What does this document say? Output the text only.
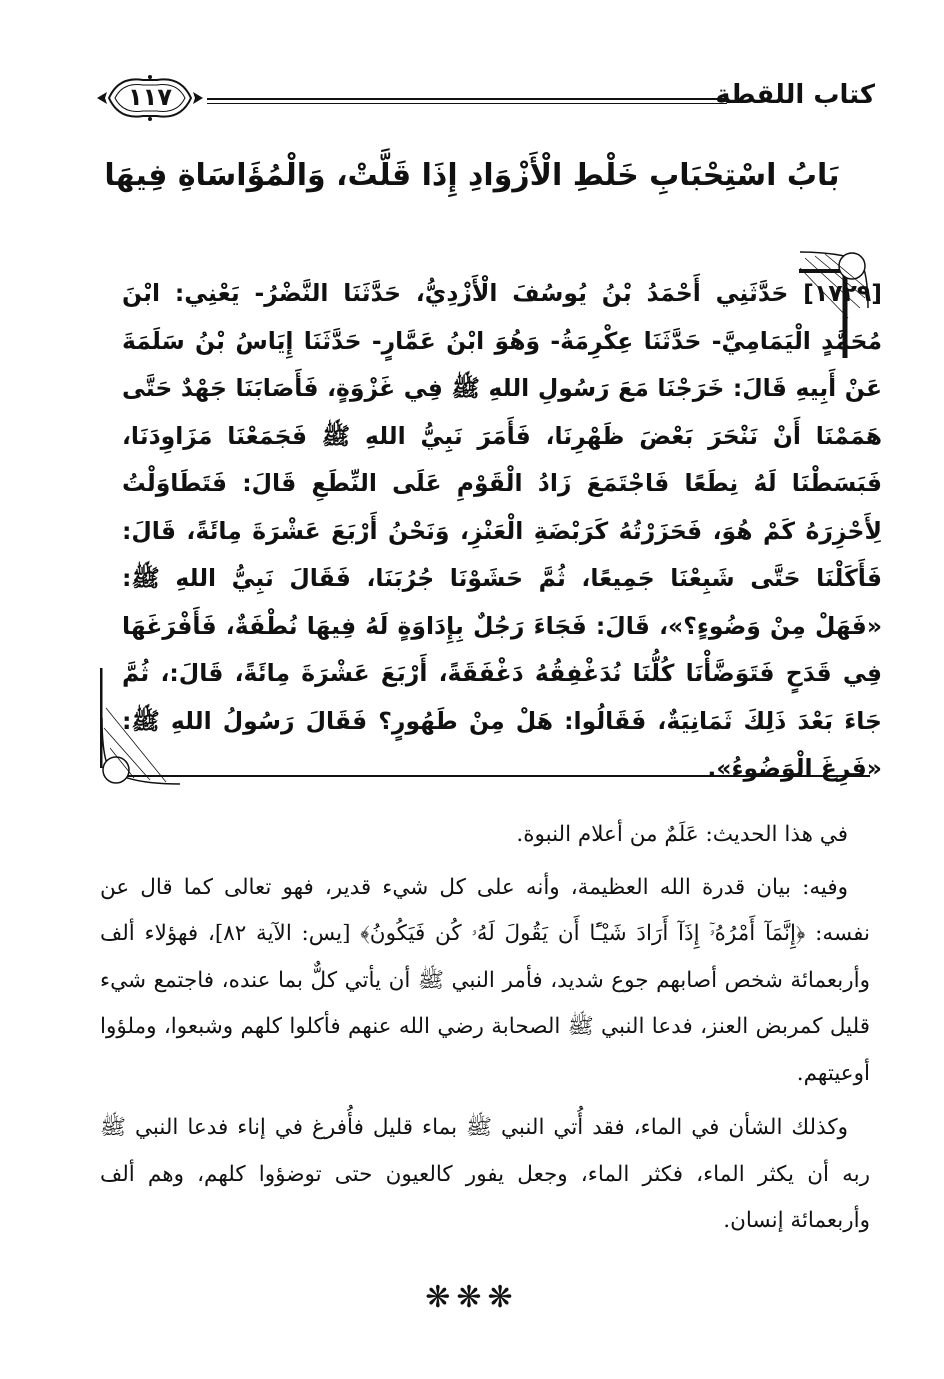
كتاب اللقطة
١١٧
بَابُ اسْتِحْبَابِ خَلْطِ الْأَزْوَادِ إِذَا قَلَّتْ، وَالْمُؤَاسَاةِ فِيهَا
[١٧٢٩] حَدَّثَنِي أَحْمَدُ بْنُ يُوسُفَ الْأَزْدِيُّ، حَدَّثَنَا النَّضْرُ- يَعْنِي: ابْنَ مُحَمَّدٍ الْيَمَامِيَّ- حَدَّثَنَا عِكْرِمَةُ- وَهُوَ ابْنُ عَمَّارٍ- حَدَّثَنَا إِيَاسُ بْنُ سَلَمَةَ عَنْ أَبِيهِ قَالَ: خَرَجْنَا مَعَ رَسُولِ اللهِ ﷺ فِي غَزْوَةٍ، فَأَصَابَنَا جَهْدٌ حَتَّى هَمَمْنَا أَنْ نَنْحَرَ بَعْضَ ظَهْرِنَا، فَأَمَرَ نَبِيُّ اللهِ ﷺ فَجَمَعْنَا مَزَاوِدَنَا، فَبَسَطْنَا لَهُ نِطَعًا فَاجْتَمَعَ زَادُ الْقَوْمِ عَلَى النِّطَعِ قَالَ: فَتَطَاوَلْتُ لِأَحْزِرَهُ كَمْ هُوَ، فَحَزَرْتُهُ كَرَبْضَةِ الْعَنْزِ، وَنَحْنُ أَرْبَعَ عَشْرَةَ مِائَةً، قَالَ: فَأَكَلْنَا حَتَّى شَبِعْنَا جَمِيعًا، ثُمَّ حَشَوْنَا جُرُبَنَا، فَقَالَ نَبِيُّ اللهِ ﷺ: «فَهَلْ مِنْ وَضُوءٍ؟»، قَالَ: فَجَاءَ رَجُلٌ بِإِدَاوَةٍ لَهُ فِيهَا نُطْفَةٌ، فَأَفْرَغَهَا فِي قَدَحٍ فَتَوَضَّأْنَا كُلُّنَا نُدَغْفِقُهُ دَغْفَقَةً، أَرْبَعَ عَشْرَةَ مِائَةً، قَالَ:، ثُمَّ جَاءَ بَعْدَ ذَلِكَ ثَمَانِيَةٌ، فَقَالُوا: هَلْ مِنْ طَهُورٍ؟ فَقَالَ رَسُولُ اللهِ ﷺ: «فَرِغَ الْوَضُوءُ».

في هذا الحديث: عَلَمٌ من أعلام النبوة.

وفيه: بيان قدرة الله العظيمة، وأنه على كل شيء قدير، فهو تعالى كما قال عن نفسه: ﴿إِنَّمَآ أَمْرُهُۥٓ إِذَآ أَرَادَ شَيْـًٔا أَن يَقُولَ لَهُۥ كُن فَيَكُونُ﴾ [يس: الآية ٨٢]، فهؤلاء ألف وأربعمائة شخص أصابهم جوع شديد، فأمر النبي ﷺ أن يأتي كلٌّ بما عنده، فاجتمع شيء قليل كمربض العنز، فدعا النبي ﷺ الصحابة رضي الله عنهم فأكلوا كلهم وشبعوا، وملؤوا أوعيتهم.

وكذلك الشأن في الماء، فقد أُتي النبي ﷺ بماء قليل فأُفرغ في إناء فدعا النبي ﷺ ربه أن يكثر الماء، فكثر الماء، وجعل يفور كالعيون حتى توضؤوا كلهم، وهم ألف وأربعمائة إنسان.

❋❋❋
